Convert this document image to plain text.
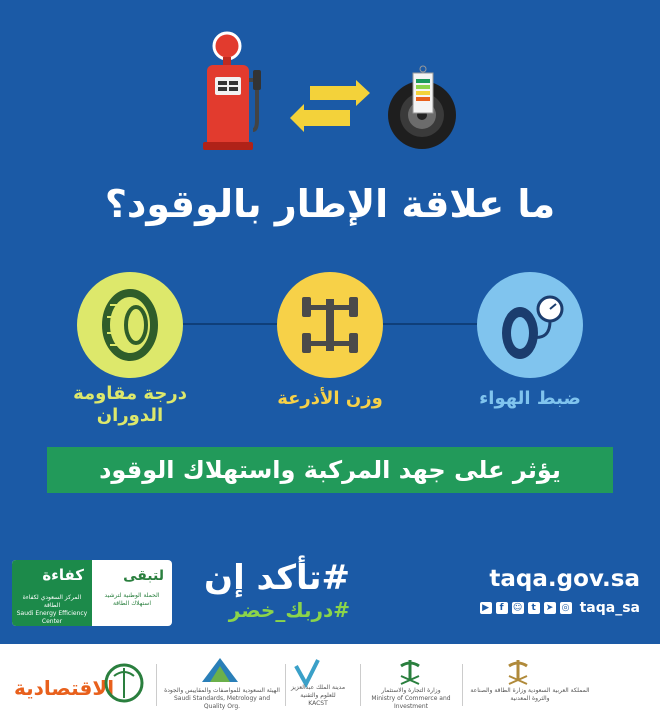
ما علاقة الإطار بالوقود؟
ضبط الهواء
وزن الأذرعة
درجة مقاومة
الدوران
يؤثر على جهد المركبة واستهلاك الوقود
كفاءة
المركز السعودي لكفاءة الطاقة
Saudi Energy Efficiency Center
لتبقى
الحملة الوطنية لترشيد استهلاك الطاقة
#تأكد إن
#دربك_خضر
taqa.gov.sa
▶	f	☺	t	➤ ◎ taqa_sa
الاقتصادية	الهيئة السعودية للمواصفات والمقاييس والجودة
Saudi Standards, Metrology and Quality Org.
مدينة الملك عبدالعزيز للعلوم والتقنية
KACST
وزارة التجارة والاستثمار
Ministry of Commerce and Investment
المملكة العربية السعودية وزارة الطاقة والصناعة والثروة المعدنية
